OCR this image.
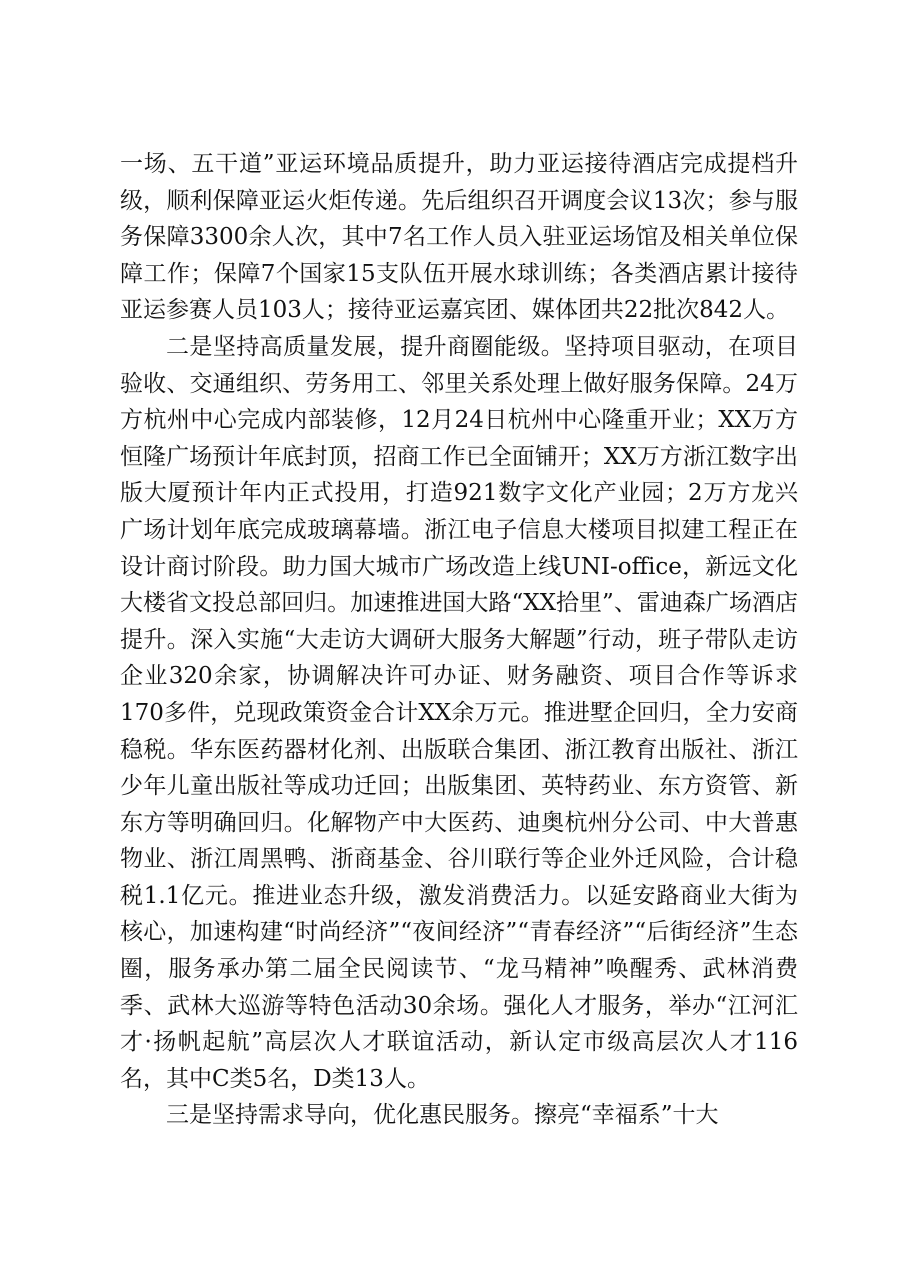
一场、五干道”亚运环境品质提升，助力亚运接待酒店完成提档升级，顺利保障亚运火炬传递。先后组织召开调度会议13次；参与服务保障3300余人次，其中7名工作人员入驻亚运场馆及相关单位保障工作；保障7个国家15支队伍开展水球训练；各类酒店累计接待亚运参赛人员103人；接待亚运嘉宾团、媒体团共22批次842人。

二是坚持高质量发展，提升商圈能级。坚持项目驱动，在项目验收、交通组织、劳务用工、邻里关系处理上做好服务保障。24万方杭州中心完成内部装修，12月24日杭州中心隆重开业；XX万方恒隆广场预计年底封顶，招商工作已全面铺开；XX万方浙江数字出版大厦预计年内正式投用，打造921数字文化产业园；2万方龙兴广场计划年底完成玻璃幕墙。浙江电子信息大楼项目拟建工程正在设计商讨阶段。助力国大城市广场改造上线UNI-office，新远文化大楼省文投总部回归。加速推进国大路“XX拾里”、雷迪森广场酒店提升。深入实施“大走访大调研大服务大解题”行动，班子带队走访企业320余家，协调解决许可办证、财务融资、项目合作等诉求170多件，兑现政策资金合计XX余万元。推进墅企回归，全力安商稳税。华东医药器材化剂、出版联合集团、浙江教育出版社、浙江少年儿童出版社等成功迁回；出版集团、英特药业、东方资管、新东方等明确回归。化解物产中大医药、迪奥杭州分公司、中大普惠物业、浙江周黑鸭、浙商基金、谷川联行等企业外迁风险，合计稳税1.1亿元。推进业态升级，激发消费活力。以延安路商业大街为核心，加速构建“时尚经济”“夜间经济”“青春经济”“后街经济”生态圈，服务承办第二届全民阅读节、“龙马精神”唤醒秀、武林消费季、武林大巡游等特色活动30余场。强化人才服务，举办“江河汇才·扬帆起航”高层次人才联谊活动，新认定市级高层次人才116名，其中C类5名，D类13人。

三是坚持需求导向，优化惠民服务。擦亮“幸福系”十大
